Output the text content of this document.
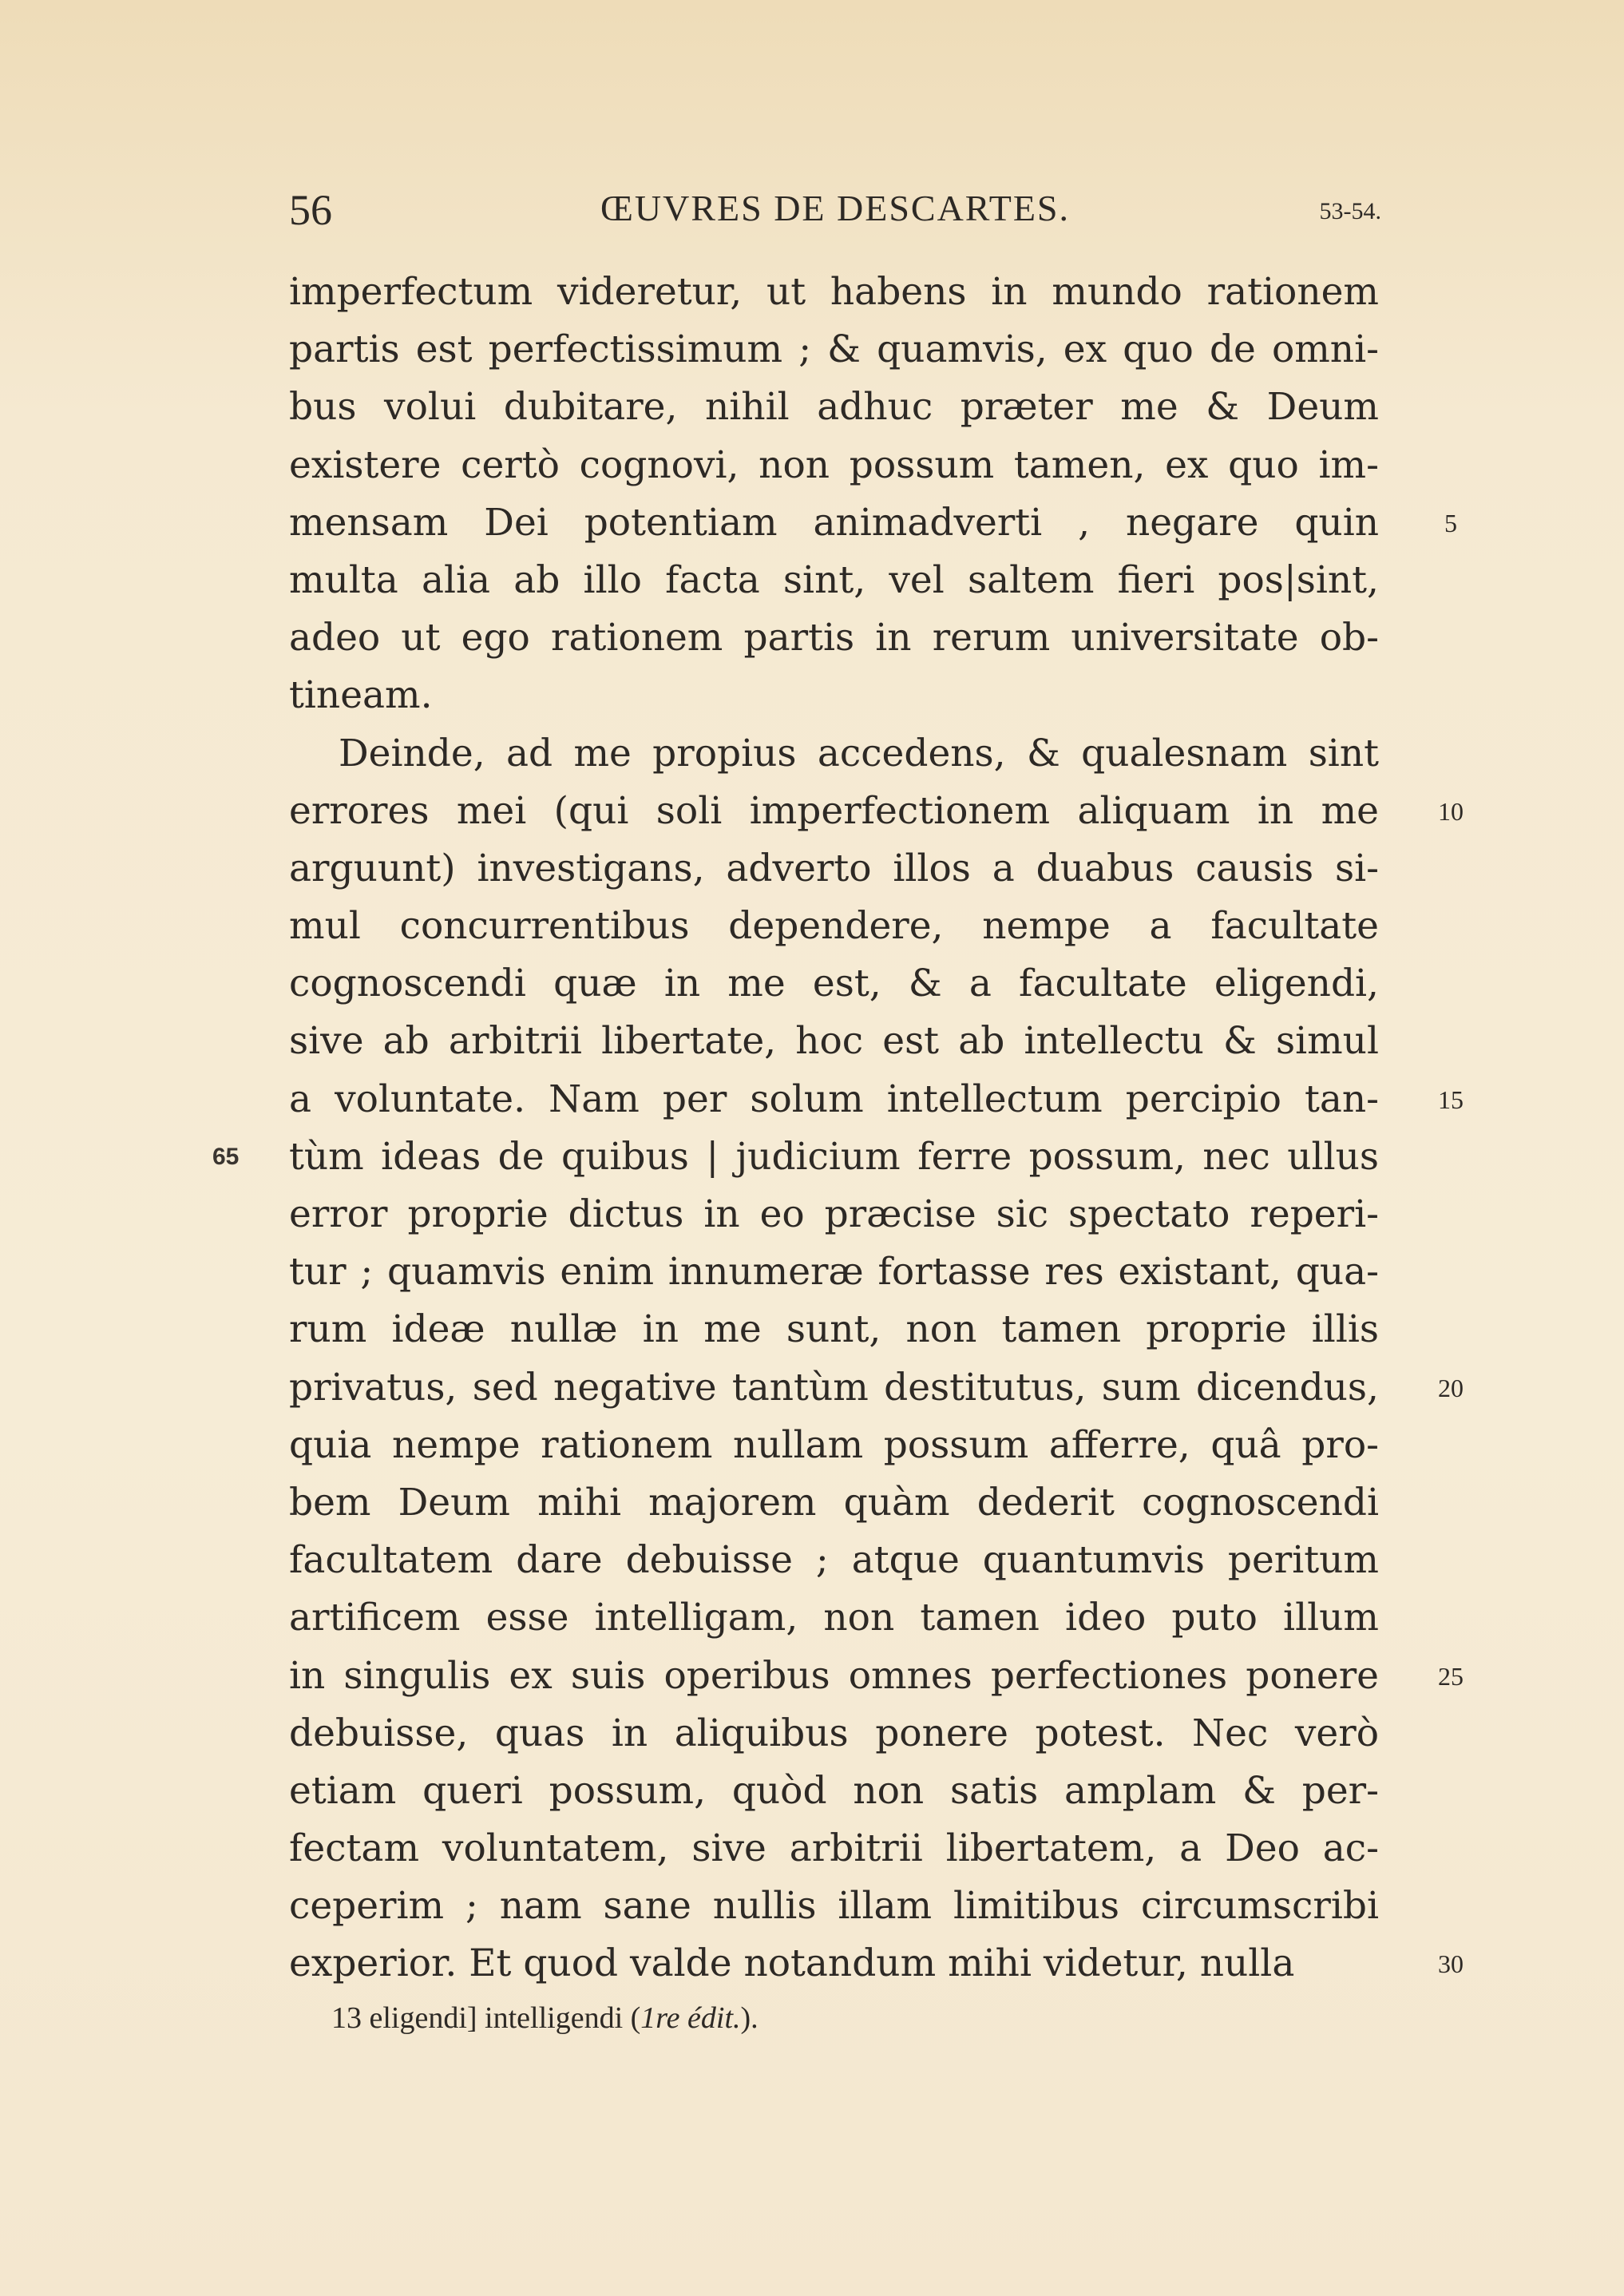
56	ŒUVRES DE DESCARTES.	53-54.
imperfectum videretur, ut habens in mundo rationem
partis est perfectissimum ; & quamvis, ex quo de omni-
bus volui dubitare, nihil adhuc præter me & Deum
existere certò cognovi, non possum tamen, ex quo im-
mensam Dei potentiam animadverti , negare quin	5
multa alia ab illo facta sint, vel saltem fieri pos|sint,
adeo ut ego rationem partis in rerum universitate ob-
tineam.
Deinde, ad me propius accedens, & qualesnam sint
errores mei (qui soli imperfectionem aliquam in me	10
arguunt) investigans, adverto illos a duabus causis si-
mul concurrentibus dependere, nempe a facultate
cognoscendi quæ in me est, & a facultate eligendi,
sive ab arbitrii libertate, hoc est ab intellectu & simul
a voluntate. Nam per solum intellectum percipio tan-	15
tùm ideas de quibus | judicium ferre possum, nec ullus
65
error proprie dictus in eo præcise sic spectato reperi-
tur ; quamvis enim innumeræ fortasse res existant, qua-
rum ideæ nullæ in me sunt, non tamen proprie illis
privatus, sed negative tantùm destitutus, sum dicendus,	20
quia nempe rationem nullam possum afferre, quâ pro-
bem Deum mihi majorem quàm dederit cognoscendi
facultatem dare debuisse ; atque quantumvis peritum
artificem esse intelligam, non tamen ideo puto illum
in singulis ex suis operibus omnes perfectiones ponere	25
debuisse, quas in aliquibus ponere potest. Nec verò
etiam queri possum, quòd non satis amplam & per-
fectam voluntatem, sive arbitrii libertatem, a Deo ac-
ceperim ; nam sane nullis illam limitibus circumscribi
experior. Et quod valde notandum mihi videtur, nulla	30
13 eligendi] intelligendi (1re édit.).
